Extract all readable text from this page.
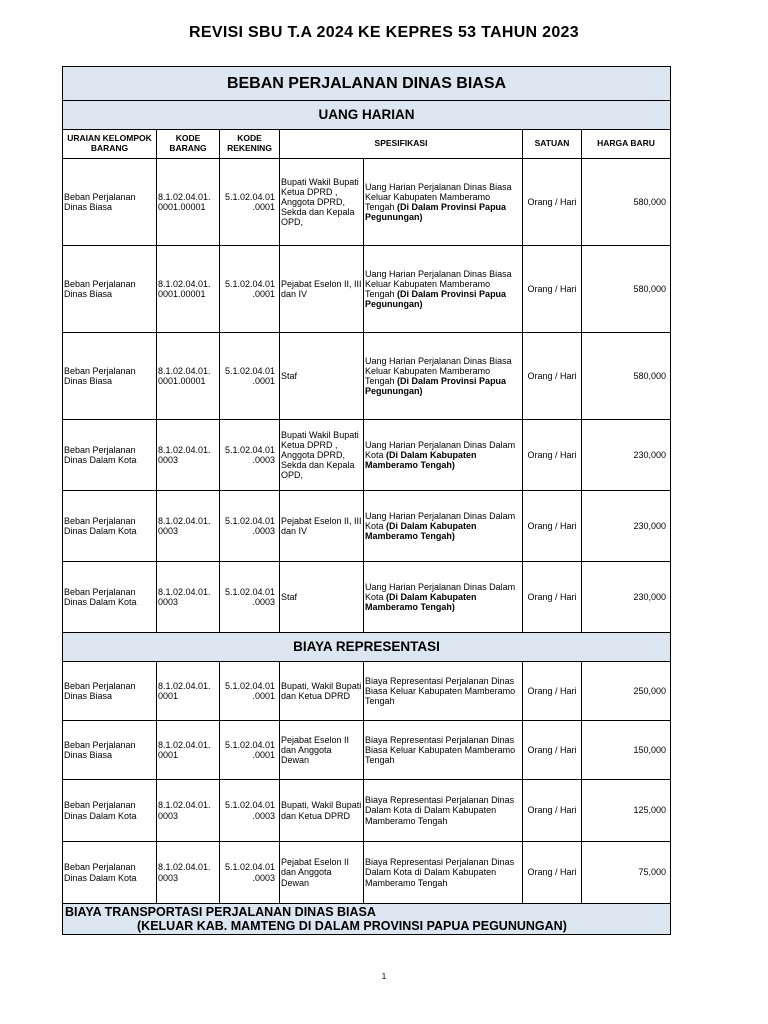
REVISI SBU T.A 2024 KE KEPRES 53 TAHUN 2023
BEBAN PERJALANAN DINAS BIASA						
UANG HARIAN						
URAIAN KELOMPOK BARANG	KODE BARANG	KODE REKENING	SPESIFIKASI		SATUAN	HARGA BARU
Beban Perjalanan Dinas Biasa	8.1.02.04.01. 0001.00001	5.1.02.04.01 .0001	Bupati Wakil Bupati Ketua DPRD , Anggota DPRD, Sekda dan Kepala OPD,	Uang Harian Perjalanan Dinas Biasa Keluar Kabupaten Mamberamo Tengah (Di Dalam Provinsi Papua Pegunungan)	Orang / Hari	580,000
Beban Perjalanan Dinas Biasa	8.1.02.04.01. 0001.00001	5.1.02.04.01 .0001	Pejabat Eselon II, III dan IV	Uang Harian Perjalanan Dinas Biasa Keluar Kabupaten Mamberamo Tengah (Di Dalam Provinsi Papua Pegunungan)	Orang / Hari	580,000
Beban Perjalanan Dinas Biasa	8.1.02.04.01. 0001.00001	5.1.02.04.01 .0001	Staf	Uang Harian Perjalanan Dinas Biasa Keluar Kabupaten Mamberamo Tengah (Di Dalam Provinsi Papua Pegunungan)	Orang / Hari	580,000
Beban Perjalanan Dinas Dalam Kota	8.1.02.04.01. 0003	5.1.02.04.01 .0003	Bupati Wakil Bupati Ketua DPRD , Anggota DPRD, Sekda dan Kepala OPD,	Uang Harian Perjalanan Dinas Dalam Kota (Di Dalam Kabupaten Mamberamo Tengah)	Orang / Hari	230,000
Beban Perjalanan Dinas Dalam Kota	8.1.02.04.01. 0003	5.1.02.04.01 .0003	Pejabat Eselon II, III dan IV	Uang Harian Perjalanan Dinas Dalam Kota (Di Dalam Kabupaten Mamberamo Tengah)	Orang / Hari	230,000
Beban Perjalanan Dinas Dalam Kota	8.1.02.04.01. 0003	5.1.02.04.01 .0003	Staf	Uang Harian Perjalanan Dinas Dalam Kota (Di Dalam Kabupaten Mamberamo Tengah)	Orang / Hari	230,000
BIAYA REPRESENTASI						
Beban Perjalanan Dinas Biasa	8.1.02.04.01. 0001	5.1.02.04.01 .0001	Bupati, Wakil Bupati dan Ketua DPRD	Biaya Representasi Perjalanan Dinas Biasa Keluar Kabupaten Mamberamo Tengah	Orang / Hari	250,000
Beban Perjalanan Dinas Biasa	8.1.02.04.01. 0001	5.1.02.04.01 .0001	Pejabat Eselon II dan Anggota Dewan	Biaya Representasi Perjalanan Dinas Biasa Keluar Kabupaten Mamberamo Tengah	Orang / Hari	150,000
Beban Perjalanan Dinas Dalam Kota	8.1.02.04.01. 0003	5.1.02.04.01 .0003	Bupati, Wakil Bupati dan Ketua DPRD	Biaya Representasi Perjalanan Dinas Dalam Kota di Dalam Kabupaten Mamberamo Tengah	Orang / Hari	125,000
Beban Perjalanan Dinas Dalam Kota	8.1.02.04.01. 0003	5.1.02.04.01 .0003	Pejabat Eselon II dan Anggota Dewan	Biaya Representasi Perjalanan Dinas Dalam Kota di Dalam Kabupaten Mamberamo Tengah	Orang / Hari	75,000
BIAYA TRANSPORTASI PERJALANAN DINAS BIASA
(KELUAR KAB. MAMTENG DI DALAM PROVINSI PAPUA PEGUNUNGAN)						
1
